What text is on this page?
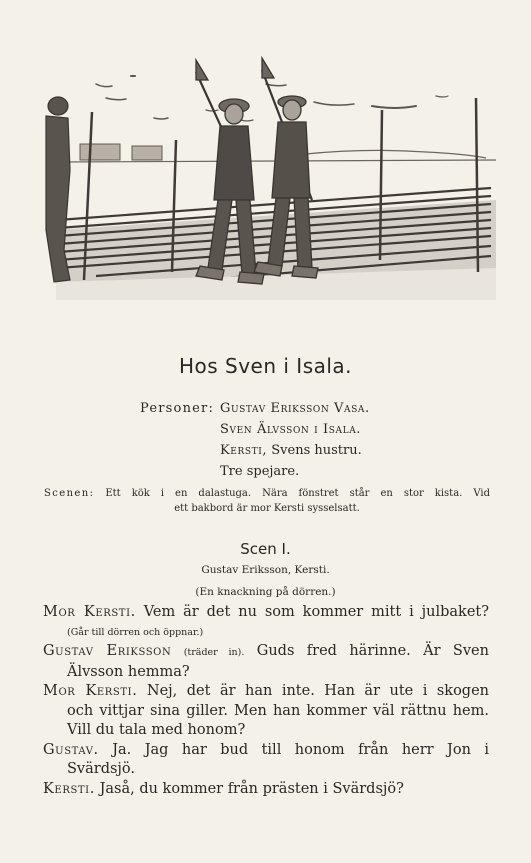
Hos Sven i Isala.
Personer: Gustav Eriksson Vasa.
Sven Älvsson i Isala.
Kersti, Svens hustru.
Tre spejare.
Scenen: Ett kök i en dalastuga. Nära fönstret står en stor kista. Vid
ett bakbord är mor Kersti sysselsatt.
Scen I.
Gustav Eriksson, Kersti.
(En knackning på dörren.)
Mor Kersti. Vem är det nu som kommer mitt i julbaket?
(Går till dörren och öppnar.)
Gustav Eriksson (träder in). Guds fred härinne. Är Sven
Älvsson hemma?
Mor Kersti. Nej, det är han inte. Han är ute i skogen
och vittjar sina giller. Men han kommer väl rättnu hem.
Vill du tala med honom?
Gustav. Ja. Jag har bud till honom från herr Jon i
Svärdsjö.
Kersti. Jaså, du kommer från prästen i Svärdsjö?
